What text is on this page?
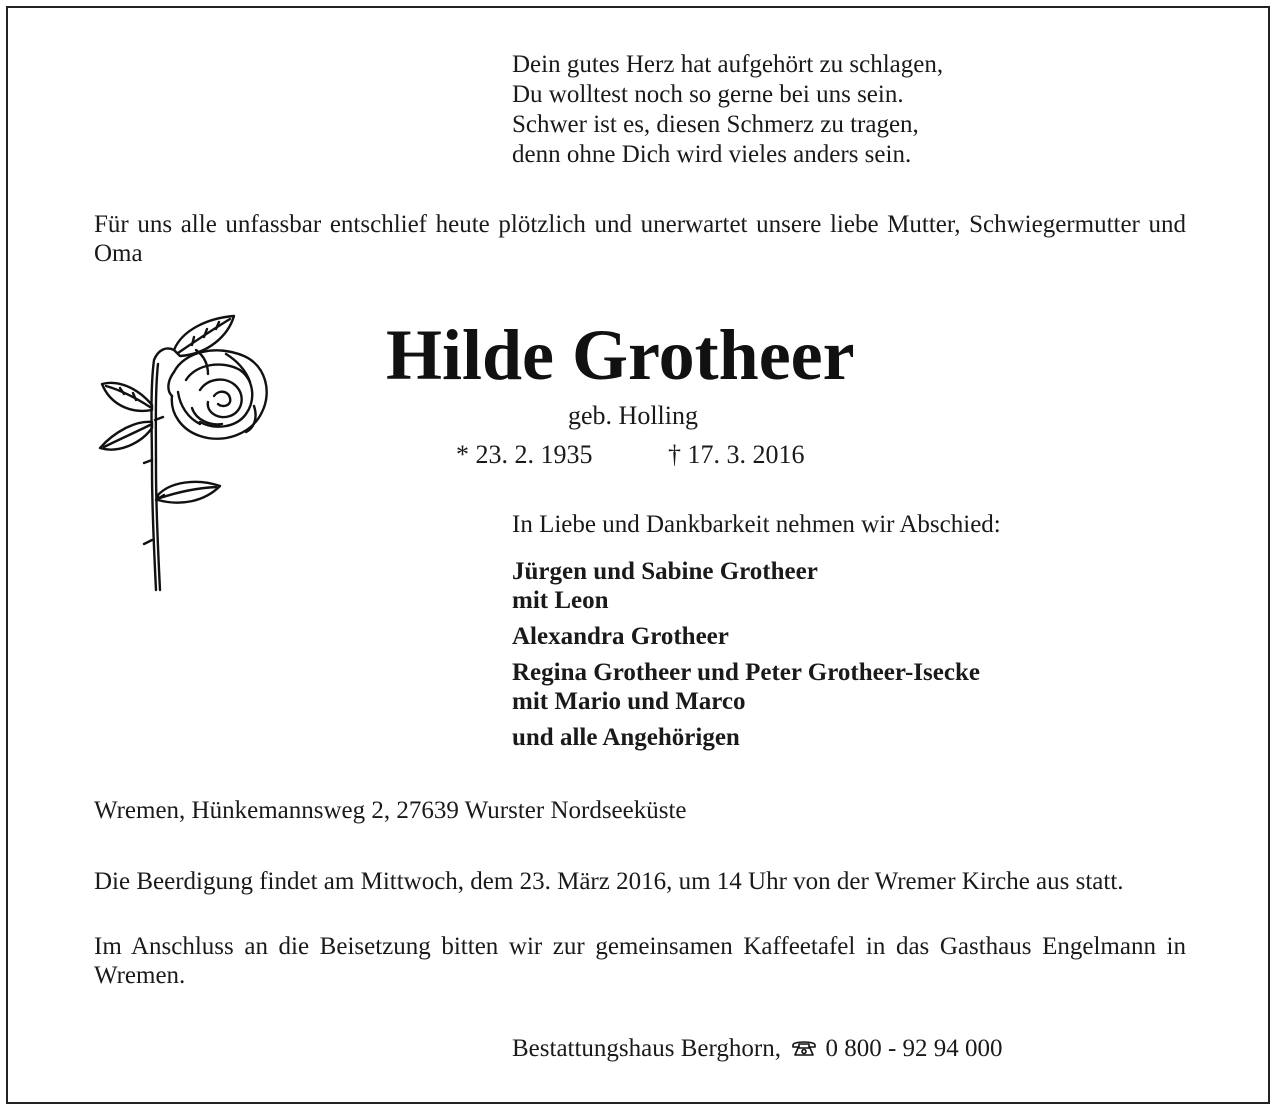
Dein gutes Herz hat aufgehört zu schlagen,
Du wolltest noch so gerne bei uns sein.
Schwer ist es, diesen Schmerz zu tragen,
denn ohne Dich wird vieles anders sein.
Für uns alle unfassbar entschlief heute plötzlich und unerwartet unsere liebe Mutter, Schwiegermutter und Oma
Hilde Grotheer
geb. Holling
* 23. 2. 1935	† 17. 3. 2016
In Liebe und Dankbarkeit nehmen wir Abschied:
Jürgen und Sabine Grotheer
mit Leon
Alexandra Grotheer
Regina Grotheer und Peter Grotheer-Isecke
mit Mario und Marco
und alle Angehörigen
Wremen, Hünkemannsweg 2, 27639 Wurster Nordseeküste
Die Beerdigung findet am Mittwoch, dem 23. März 2016, um 14 Uhr von der Wremer Kirche aus statt.
Im Anschluss an die Beisetzung bitten wir zur gemeinsamen Kaffeetafel in das Gasthaus Engelmann in Wremen.
Bestattungshaus Berghorn, 0 800 - 92 94 000
